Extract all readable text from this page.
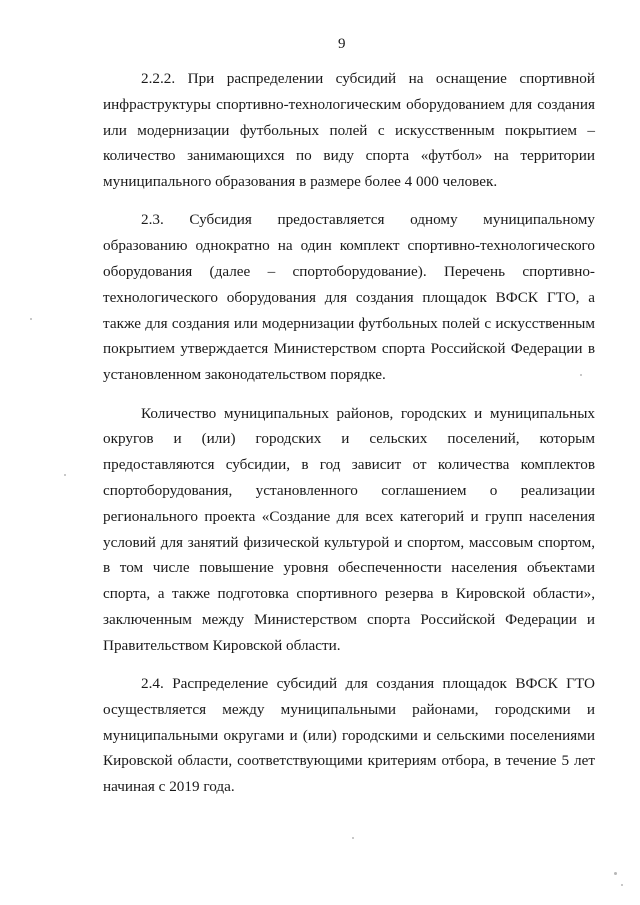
9

2.2.2. При распределении субсидий на оснащение спортивной инфраструктуры спортивно-технологическим оборудованием для создания или модернизации футбольных полей с искусственным покрытием – количество занимающихся по виду спорта «футбол» на территории муниципального образования в размере более 4 000 человек.

2.3. Субсидия предоставляется одному муниципальному образованию однократно на один комплект спортивно-технологического оборудования (далее – спортоборудование). Перечень спортивно-технологического оборудования для создания площадок ВФСК ГТО, а также для создания или модернизации футбольных полей с искусственным покрытием утверждается Министерством спорта Российской Федерации в установленном законодательством порядке.

Количество муниципальных районов, городских и муниципальных округов и (или) городских и сельских поселений, которым предоставляются субсидии, в год зависит от количества комплектов спортоборудования, установленного соглашением о реализации регионального проекта «Создание для всех категорий и групп населения условий для занятий физической культурой и спортом, массовым спортом, в том числе повышение уровня обеспеченности населения объектами спорта, а также подготовка спортивного резерва в Кировской области», заключенным между Министерством спорта Российской Федерации и Правительством Кировской области.

2.4. Распределение субсидий для создания площадок ВФСК ГТО осуществляется между муниципальными районами, городскими и муниципальными округами и (или) городскими и сельскими поселениями Кировской области, соответствующими критериям отбора, в течение 5 лет начиная с 2019 года.
